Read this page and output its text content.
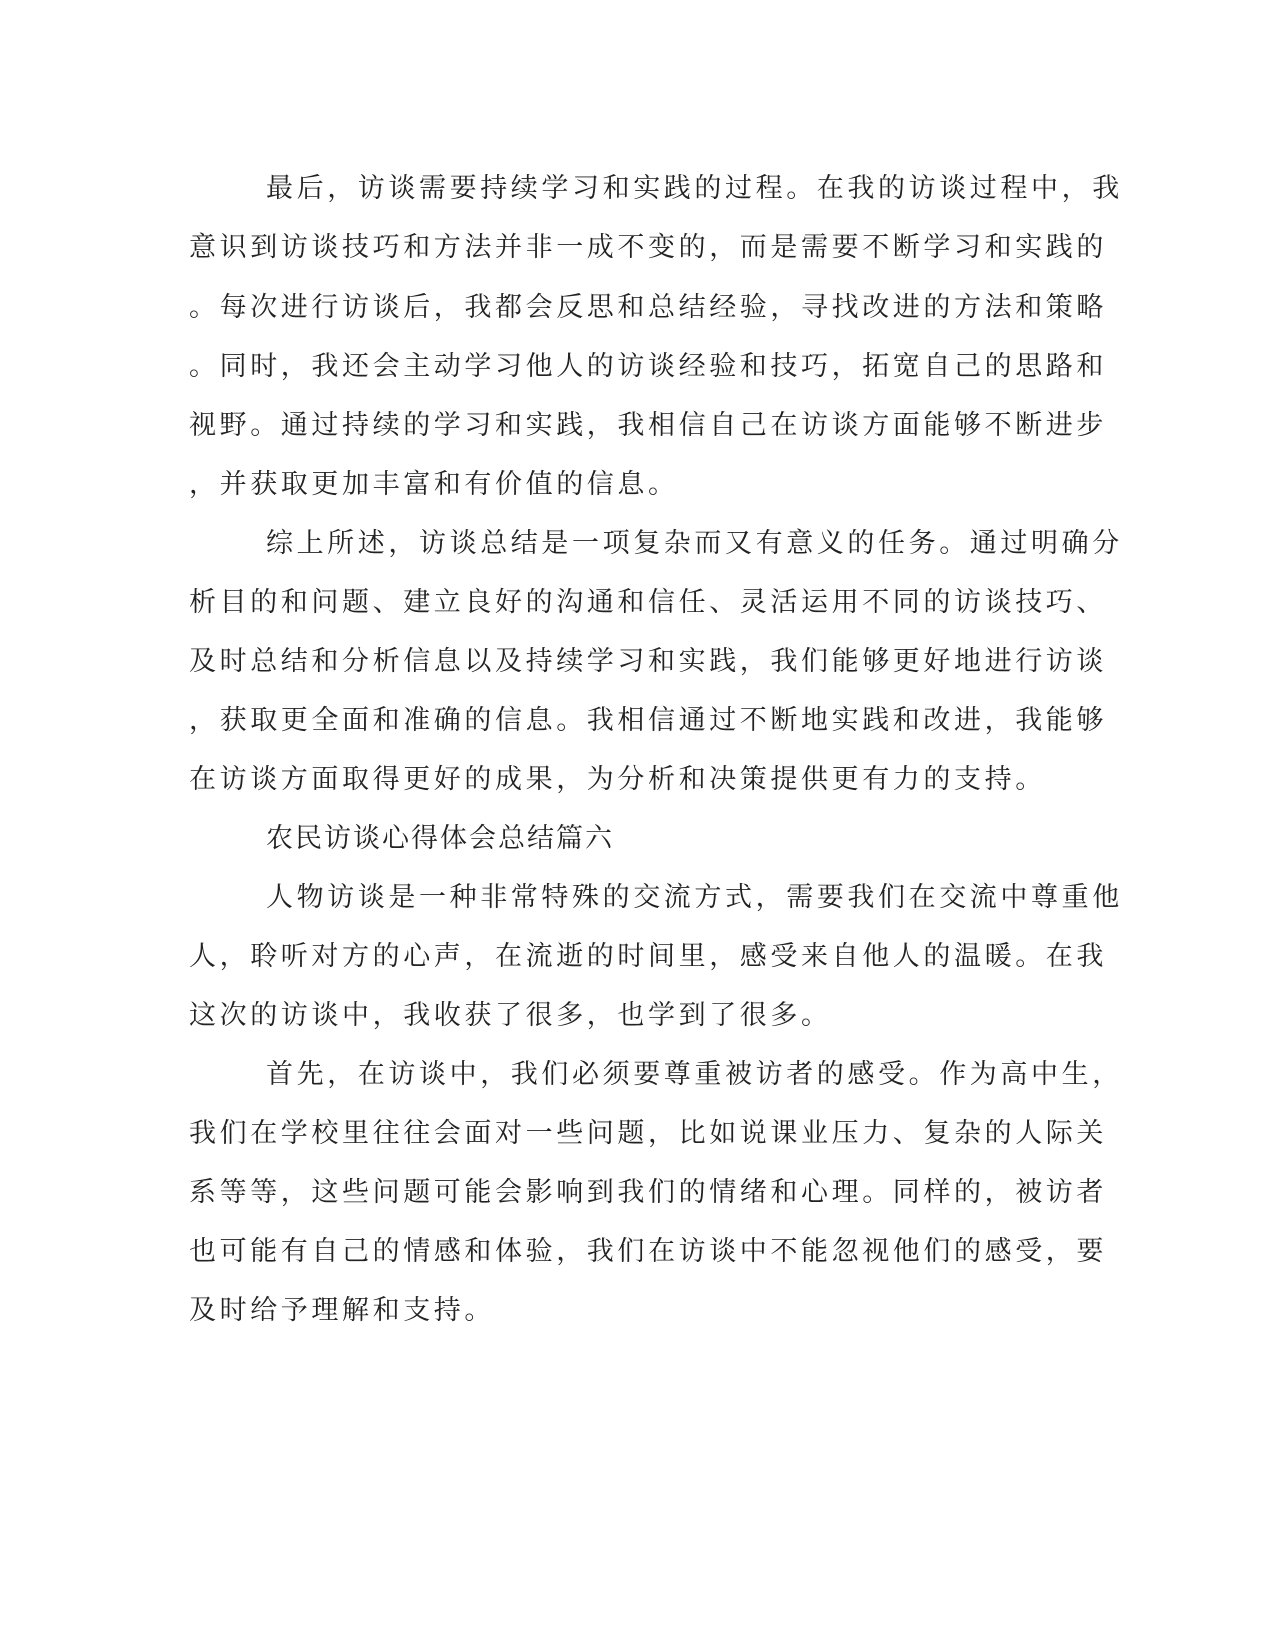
最后，访谈需要持续学习和实践的过程。在我的访谈过程中，我

意识到访谈技巧和方法并非一成不变的，而是需要不断学习和实践的

。每次进行访谈后，我都会反思和总结经验，寻找改进的方法和策略

。同时，我还会主动学习他人的访谈经验和技巧，拓宽自己的思路和

视野。通过持续的学习和实践，我相信自己在访谈方面能够不断进步

，并获取更加丰富和有价值的信息。

综上所述，访谈总结是一项复杂而又有意义的任务。通过明确分

析目的和问题、建立良好的沟通和信任、灵活运用不同的访谈技巧、

及时总结和分析信息以及持续学习和实践，我们能够更好地进行访谈

，获取更全面和准确的信息。我相信通过不断地实践和改进，我能够

在访谈方面取得更好的成果，为分析和决策提供更有力的支持。

农民访谈心得体会总结篇六

人物访谈是一种非常特殊的交流方式，需要我们在交流中尊重他

人，聆听对方的心声，在流逝的时间里，感受来自他人的温暖。在我

这次的访谈中，我收获了很多，也学到了很多。

首先，在访谈中，我们必须要尊重被访者的感受。作为高中生，

我们在学校里往往会面对一些问题，比如说课业压力、复杂的人际关

系等等，这些问题可能会影响到我们的情绪和心理。同样的，被访者

也可能有自己的情感和体验，我们在访谈中不能忽视他们的感受，要

及时给予理解和支持。
